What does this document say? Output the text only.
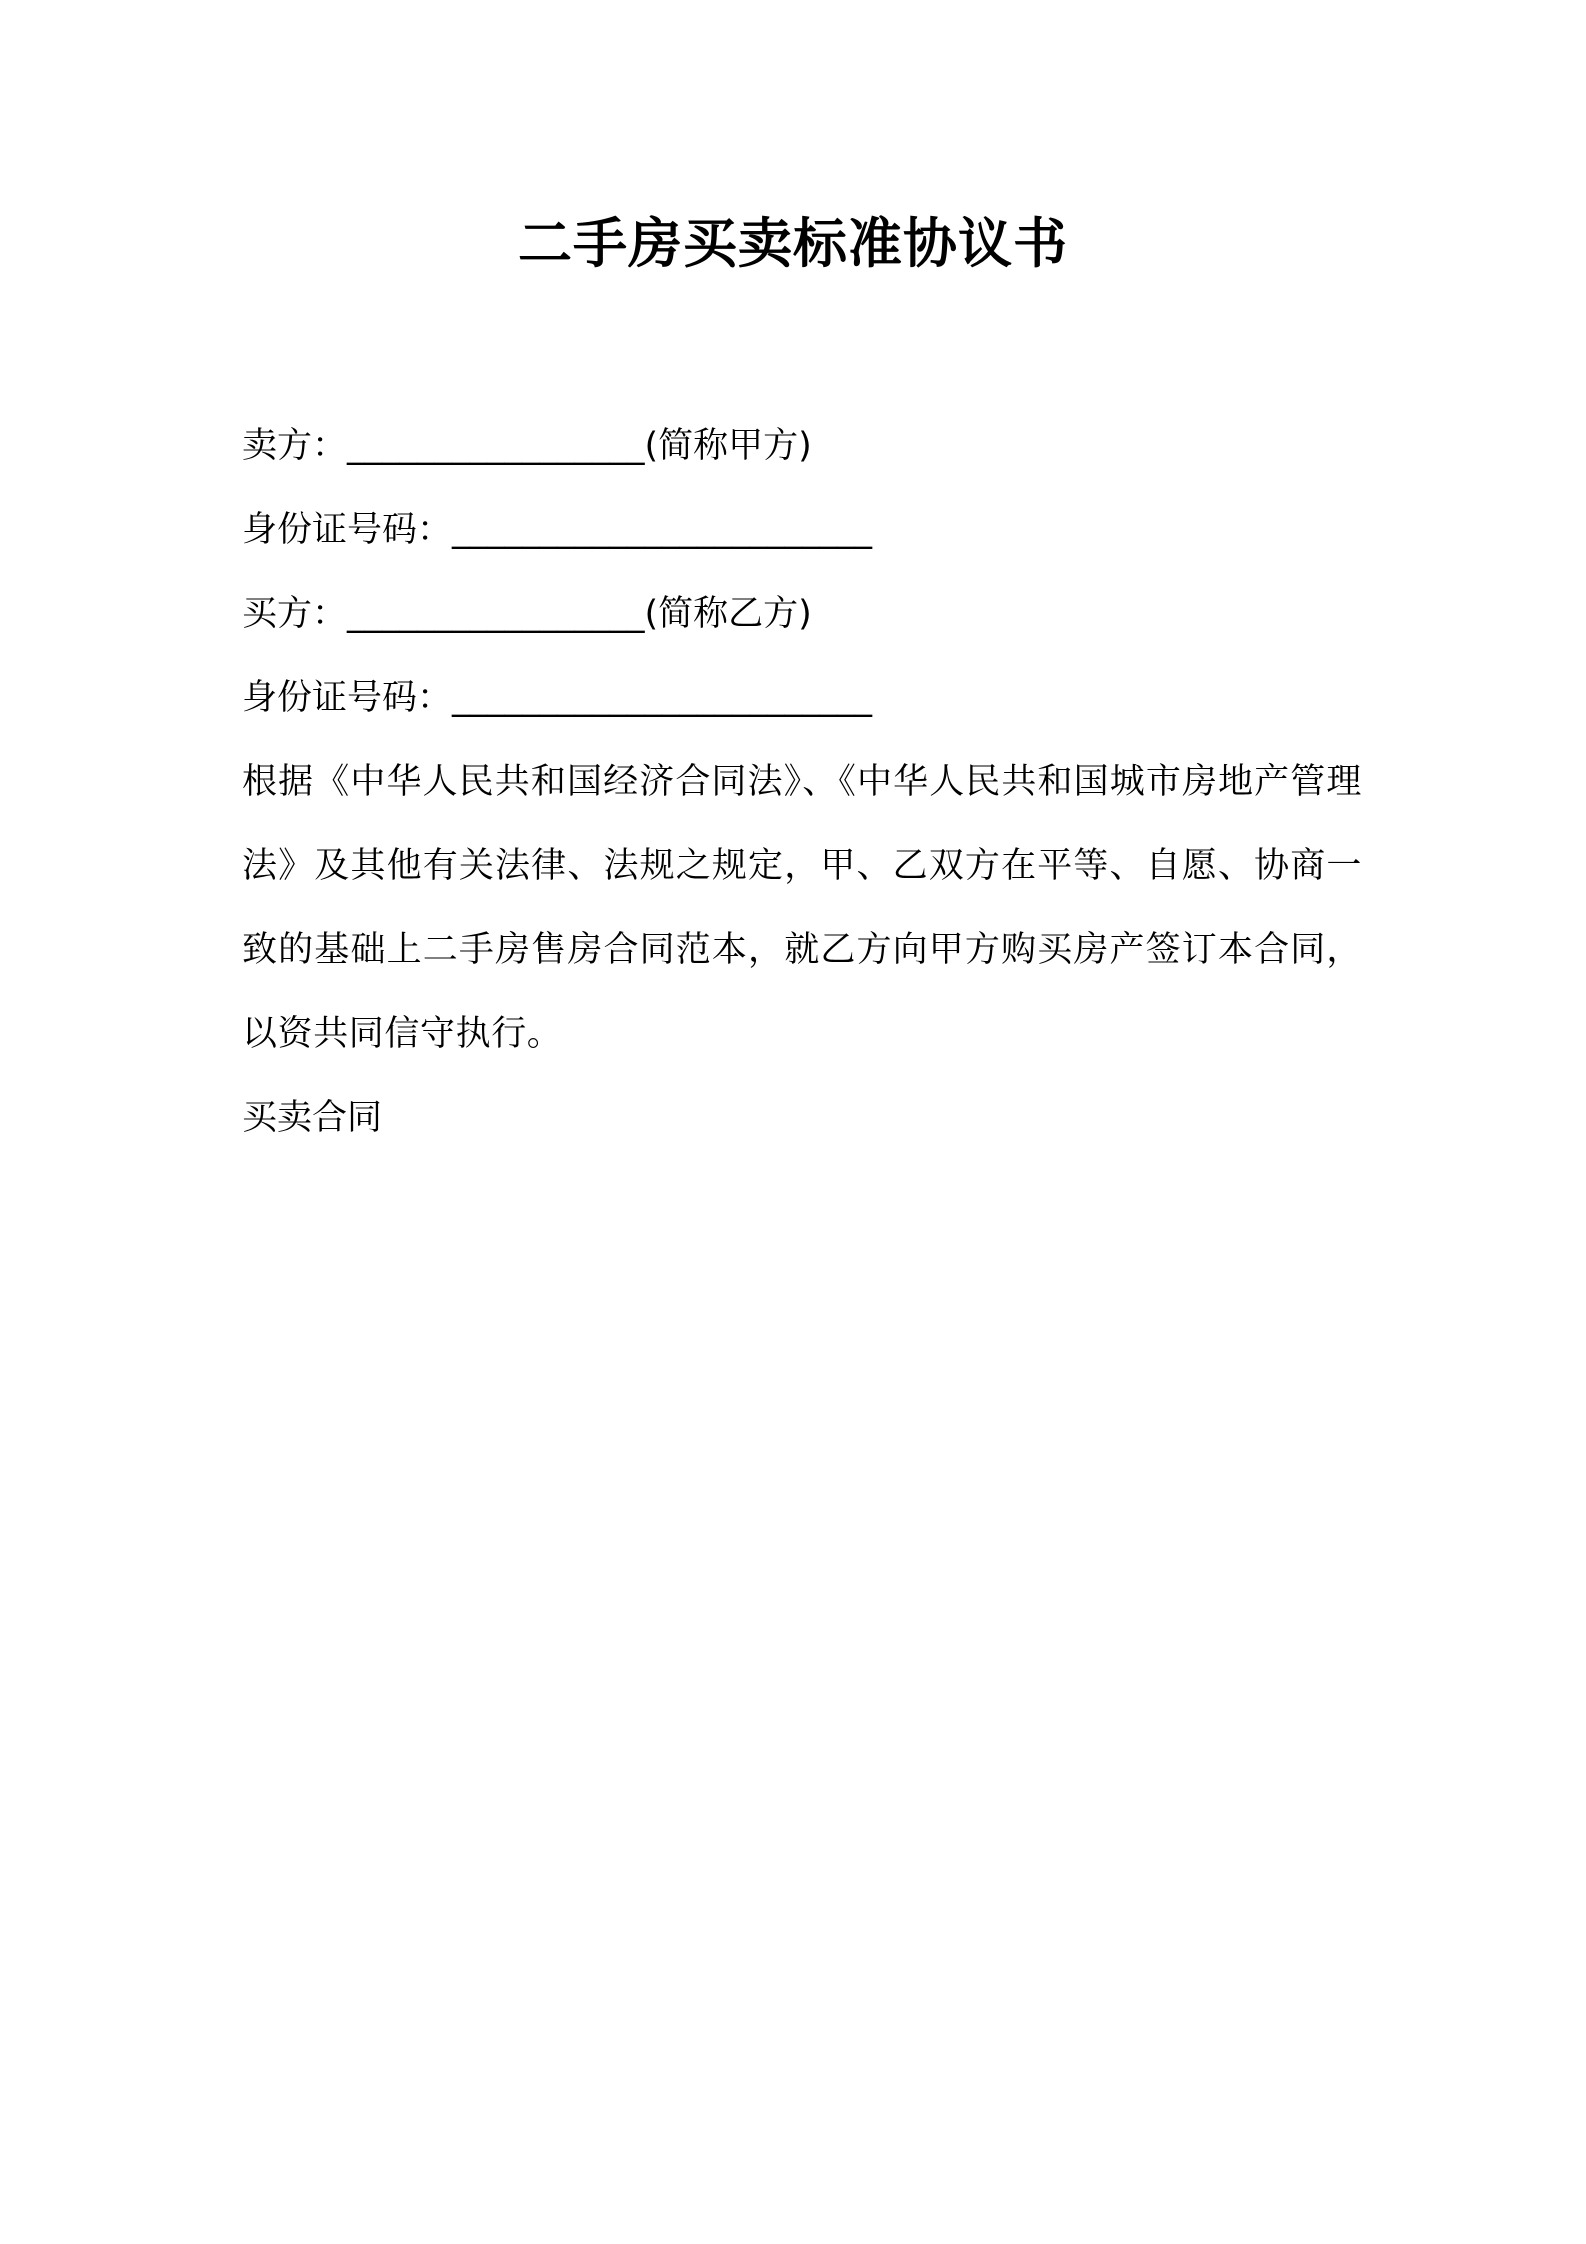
二手房买卖标准协议书
卖方：_________________(简称甲方)
身份证号码：________________________
买方：_________________(简称乙方)
身份证号码：________________________
根据《中华人民共和国经济合同法》、《中华人民共和国城市房地产管理法》及其他有关法律、法规之规定，甲、乙双方在平等、自愿、协商一致的基础上二手房售房合同范本，就乙方向甲方购买房产签订本合同，以资共同信守执行。
买卖合同
